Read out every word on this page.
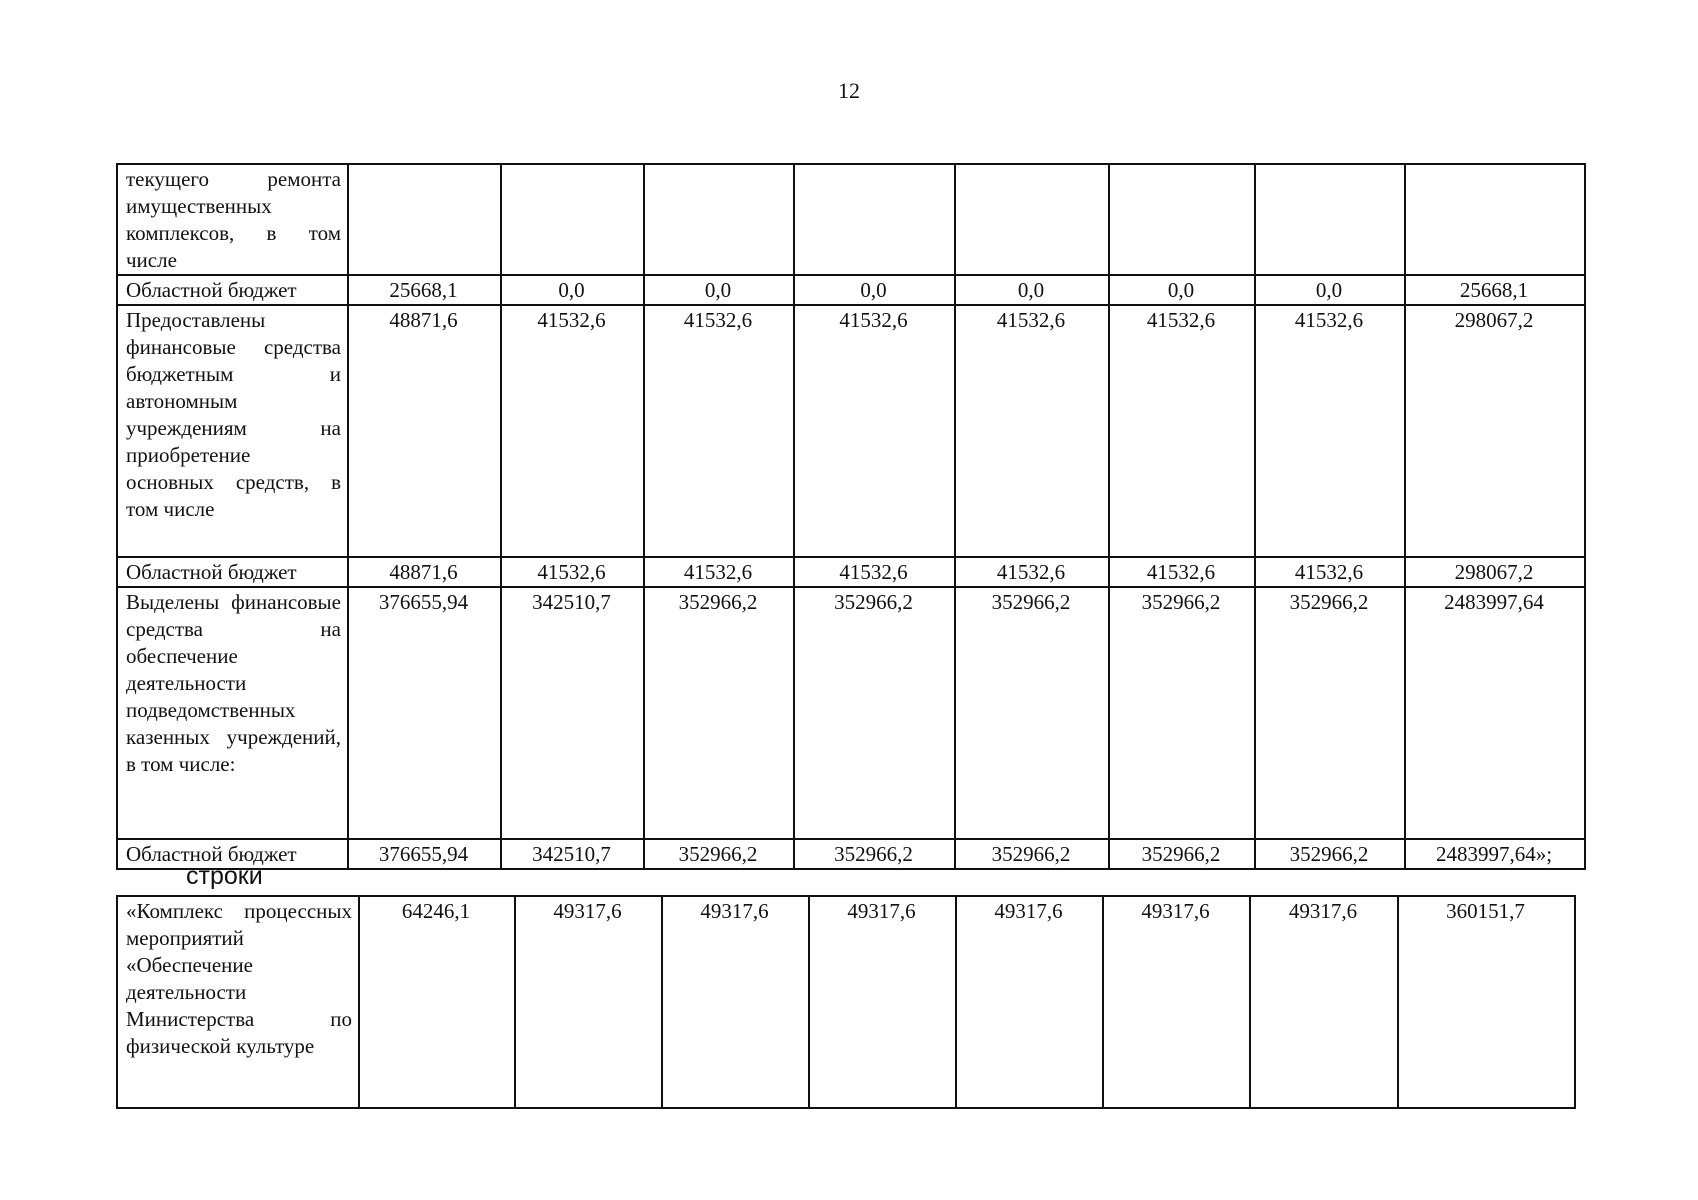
12
текущего ремонта имущественных комплексов, в том числе								
Областной бюджет	25668,1	0,0	0,0	0,0	0,0	0,0	0,0	25668,1
Предоставлены финансовые средства бюджетным и автономным учреждениям на приобретение основных средств, в том числе	48871,6	41532,6	41532,6	41532,6	41532,6	41532,6	41532,6	298067,2
Областной бюджет	48871,6	41532,6	41532,6	41532,6	41532,6	41532,6	41532,6	298067,2
Выделены финансовые средства на обеспечение деятельности подведомственных казенных учреждений, в том числе:	376655,94	342510,7	352966,2	352966,2	352966,2	352966,2	352966,2	2483997,64
Областной бюджет	376655,94	342510,7	352966,2	352966,2	352966,2	352966,2	352966,2	2483997,64»;
строки
«Комплекс процессных мероприятий «Обеспечение деятельности Министерства по физической культуре	64246,1	49317,6	49317,6	49317,6	49317,6	49317,6	49317,6	360151,7
